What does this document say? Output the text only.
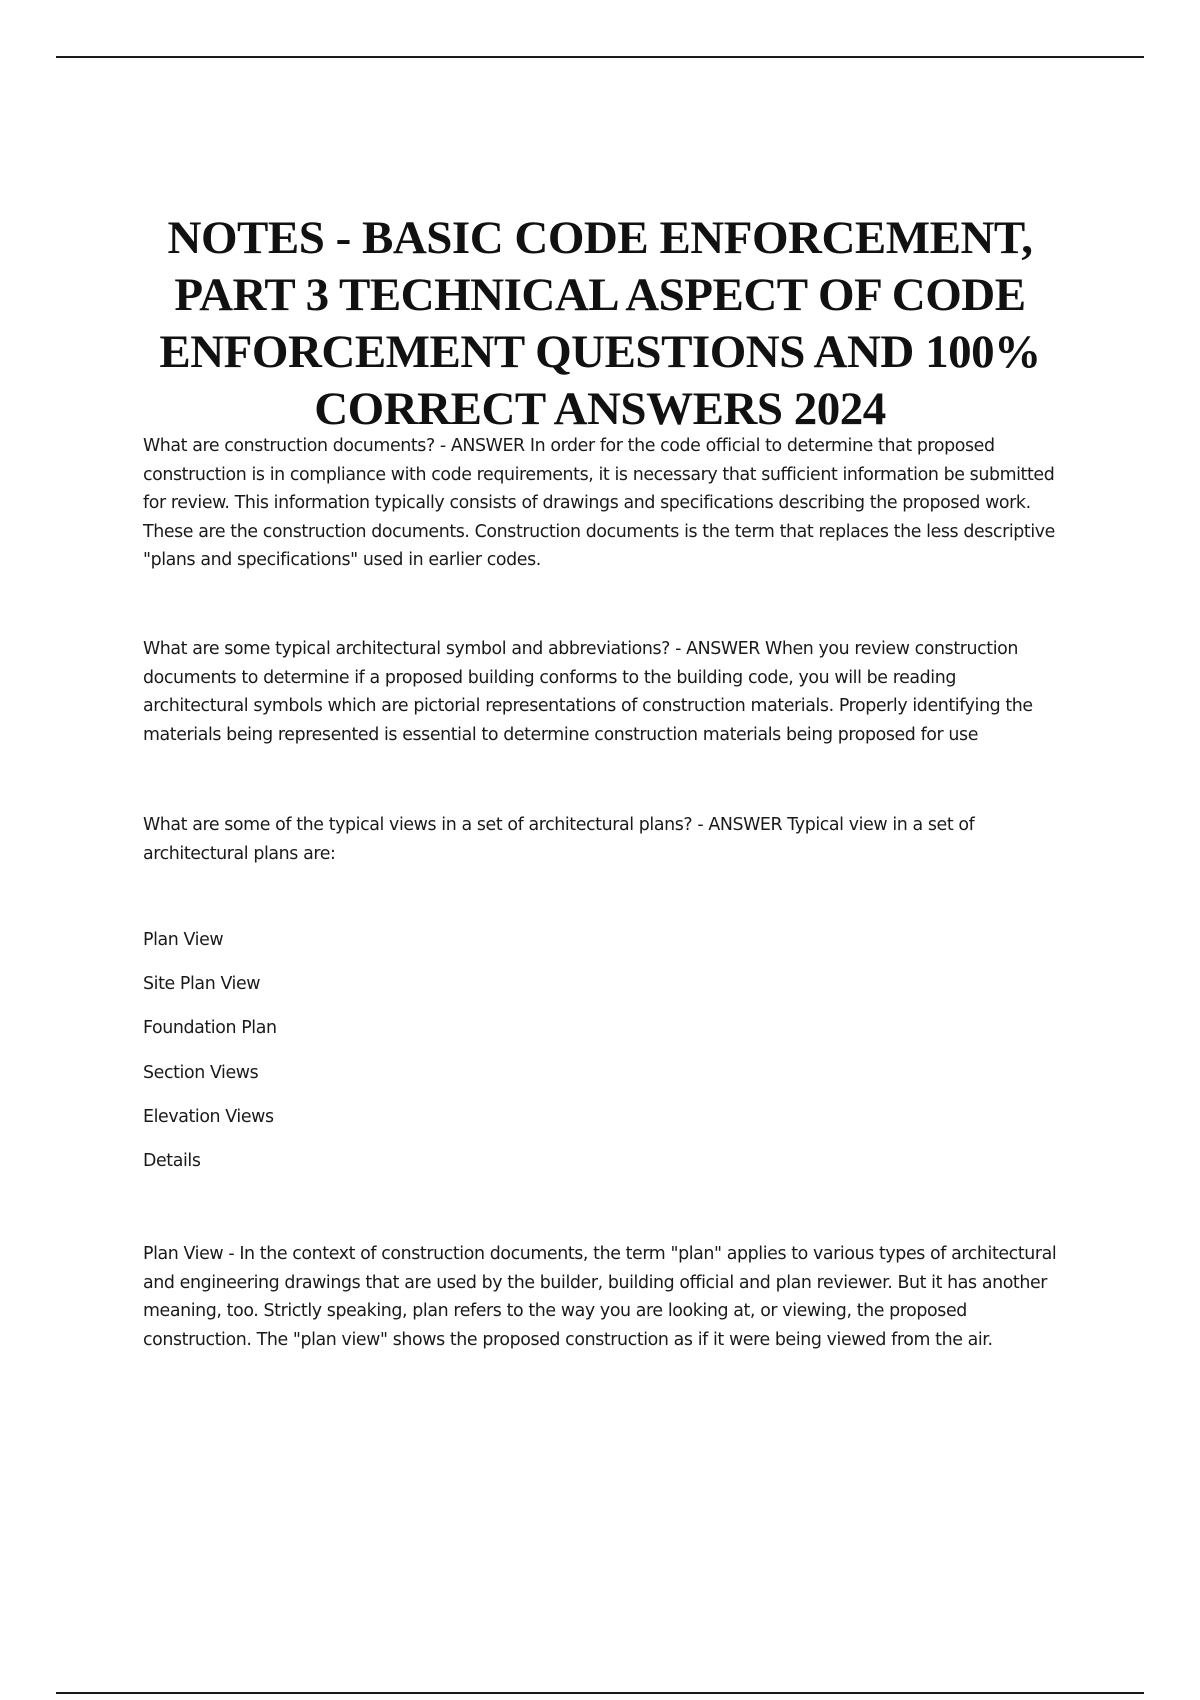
NOTES - BASIC CODE ENFORCEMENT,
PART 3 TECHNICAL ASPECT OF CODE
ENFORCEMENT QUESTIONS AND 100%
CORRECT ANSWERS 2024

What are construction documents? - ANSWER In order for the code official to determine that proposed construction is in compliance with code requirements, it is necessary that sufficient information be submitted for review. This information typically consists of drawings and specifications describing the proposed work. These are the construction documents. Construction documents is the term that replaces the less descriptive "plans and specifications" used in earlier codes.

What are some typical architectural symbol and abbreviations? - ANSWER When you review construction documents to determine if a proposed building conforms to the building code, you will be reading architectural symbols which are pictorial representations of construction materials. Properly identifying the materials being represented is essential to determine construction materials being proposed for use

What are some of the typical views in a set of architectural plans? - ANSWER Typical view in a set of architectural plans are:

Plan View
Site Plan View
Foundation Plan
Section Views
Elevation Views
Details

Plan View - In the context of construction documents, the term "plan" applies to various types of architectural and engineering drawings that are used by the builder, building official and plan reviewer. But it has another meaning, too. Strictly speaking, plan refers to the way you are looking at, or viewing, the proposed construction. The "plan view" shows the proposed construction as if it were being viewed from the air.
